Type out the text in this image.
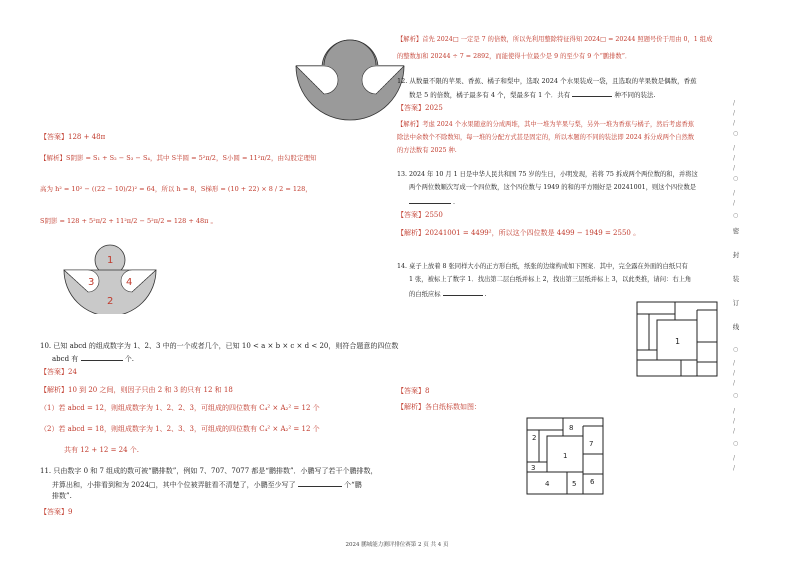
【答案】128 + 48π
【解析】S阴影 = S₁ + S₂ − S₃ − S₄，其中 S半圆 = 5²π/2，S小圆 = 11²π/2，由勾股定理知
高为 h² = 10² − ((22 − 10)/2)² = 64，所以 h = 8，S梯形 = (10 + 22) × 8 / 2 = 128，
S阴影 = 128 + 5²π/2 + 11²π/2 − 5²π/2 = 128 + 48π 。
1
3	4
2
10. 已知 abcd 的组成数字为 1、2、3 中的一个或者几个，已知 10 < a × b × c × d < 20，则符合题意的四位数
abcd 有	个.
【答案】24
【解析】10 到 20 之间，则因子只由 2 和 3 的只有 12 和 18
（1）若 abcd = 12，则组成数字为 1、2、2、3，可组成的四位数有 C₄² × A₂² = 12 个
（2）若 abcd = 18，则组成数字为 1、2、3、3，可组成的四位数有 C₄² × A₂² = 12 个
共有 12 + 12 = 24 个.
11. 只由数字 0 和 7 组成的数可被“鹏排数”，例如 7、707、7077 都是“鹏排数”．小鹏写了若干个鹏排数，
并算出和，小排看到和为 2024□，其中个位被弄脏看不清楚了，小鹏至少写了	个“鹏
排数”.
【答案】9
【解析】首先 2024□ 一定是 7 的倍数，所以先利用整除特征得知 2024□ = 20244 照题号价于用由 0，1 组成
的整数加和 20244 ÷ 7 = 2892，而能使得十位最少是 9 的至少有 9 个“鹏排数”．
12. 从数量不限的苹果、香蕉、橘子和梨中，选取 2024 个水果装成一袋，且选取的苹果数是偶数，香蕉
数是 5 的倍数，橘子最多有 4 个，梨最多有 1 个．共有	种不同的装法.
【答案】2025
【解析】考虑 2024 个水果随意的分成两堆，其中一堆为苹果与梨，另外一堆为香蕉与橘子，然后考虑香蕉
除法中余数个不除数知，每一堆的分配方式甚是固定的，所以本题的不同的装法即 2024 拆分成两个自然数
的方法数有 2025 种.
13. 2024 年 10 月 1 日是中华人民共和国 75 岁的生日，小明发现，若将 75 拆成两个两位数的和，并将这
两个两位数顺次写成一个四位数，这个四位数与 1949 的和的平方刚好是 20241001，则这个四位数是
.
【答案】2550
【解析】20241001 = 4499²，所以这个四位数是 4499 − 1949 = 2550 。
14. 桌子上放着 8 张同样大小的正方形白纸，纸张的边缘构成如下图案．其中，完全露在外面的白纸只有
1 张，被标上了数字 1．找出第二层白纸并标上 2，找出第三层纸并标上 3，以此类推，请问：右上角
的白纸应标	.
1
【答案】8
【解析】各白纸标数如图：
2
8
7
1
3
4	5 6
/
/
/
○
/
/
/
○
/
/
○
密
封
装
订
线
○
/
/
/
○
/
/
/
○
/
/
2024 鹏城能力测评排位赛第 2 页 共 4 页
